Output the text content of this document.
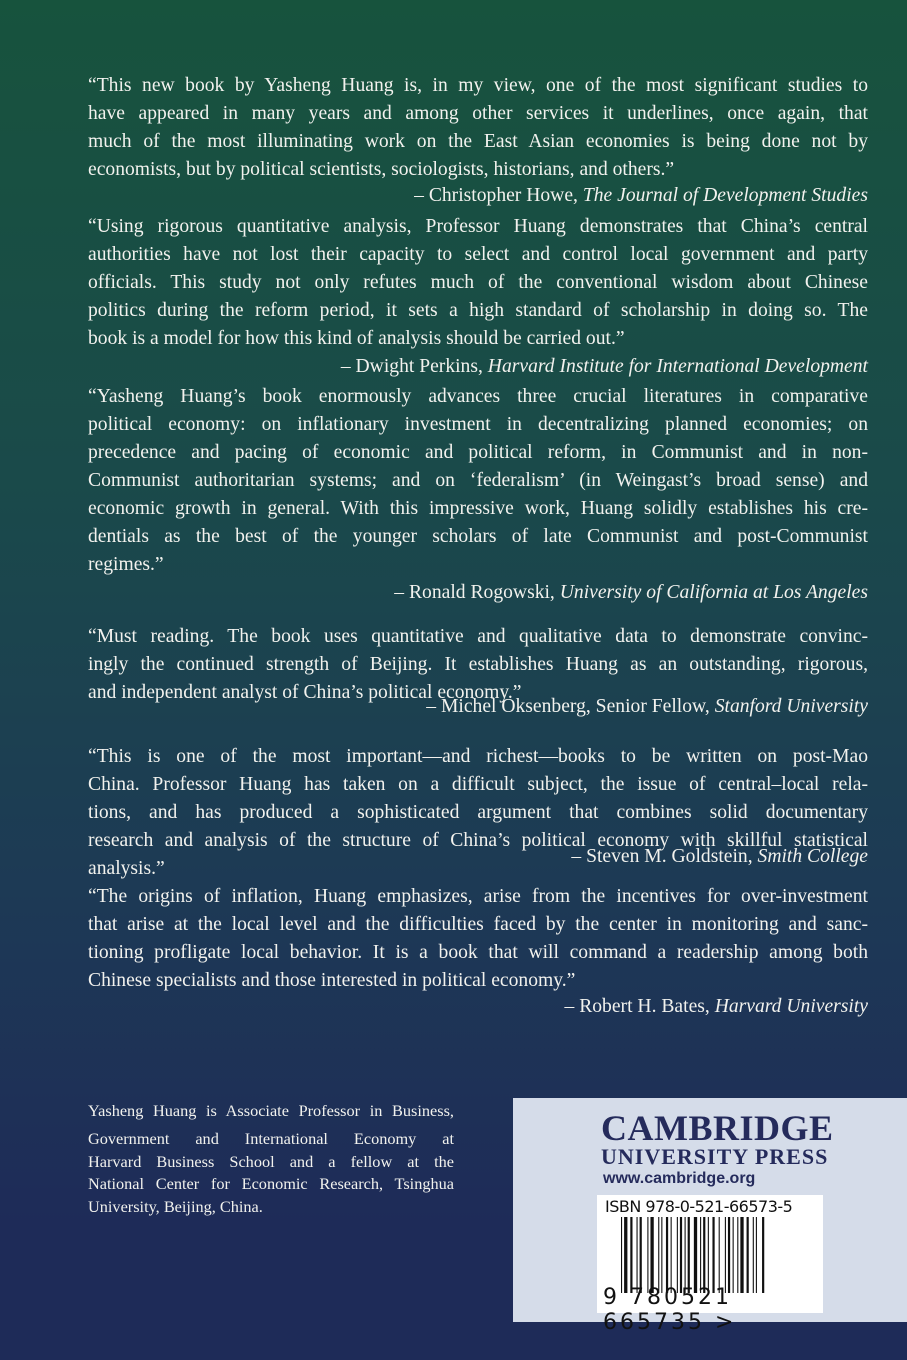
“This new book by Yasheng Huang is, in my view, one of the most significant studies to
have appeared in many years and among other services it underlines, once again, that
much of the most illuminating work on the East Asian economies is being done not by
economists, but by political scientists, sociologists, historians, and others.”
– Christopher Howe, The Journal of Development Studies
“Using rigorous quantitative analysis, Professor Huang demonstrates that China’s central
authorities have not lost their capacity to select and control local government and party
officials. This study not only refutes much of the conventional wisdom about Chinese
politics during the reform period, it sets a high standard of scholarship in doing so. The
book is a model for how this kind of analysis should be carried out.”
– Dwight Perkins, Harvard Institute for International Development
“Yasheng Huang’s book enormously advances three crucial literatures in comparative
political economy: on inflationary investment in decentralizing planned economies; on
precedence and pacing of economic and political reform, in Communist and in non-
Communist authoritarian systems; and on ‘federalism’ (in Weingast’s broad sense) and
economic growth in general. With this impressive work, Huang solidly establishes his cre-
dentials as the best of the younger scholars of late Communist and post-Communist
regimes.”
– Ronald Rogowski, University of California at Los Angeles
“Must reading. The book uses quantitative and qualitative data to demonstrate convinc-
ingly the continued strength of Beijing. It establishes Huang as an outstanding, rigorous,
and independent analyst of China’s political economy.”
– Michel Oksenberg, Senior Fellow, Stanford University
“This is one of the most important—and richest—books to be written on post-Mao
China. Professor Huang has taken on a difficult subject, the issue of central–local rela-
tions, and has produced a sophisticated argument that combines solid documentary
research and analysis of the structure of China’s political economy with skillful statistical
analysis.”
– Steven M. Goldstein, Smith College
“The origins of inflation, Huang emphasizes, arise from the incentives for over-investment
that arise at the local level and the difficulties faced by the center in monitoring and sanc-
tioning profligate local behavior. It is a book that will command a readership among both
Chinese specialists and those interested in political economy.”
– Robert H. Bates, Harvard University
Yasheng Huang is Associate Professor in Business,
Government and International Economy at
Harvard Business School and a fellow at the
National Center for Economic Research, Tsinghua
University, Beijing, China.
CAMBRIDGE
UNIVERSITY PRESS
www.cambridge.org
ISBN 978-0-521-66573-5
9 780521 665735 >
